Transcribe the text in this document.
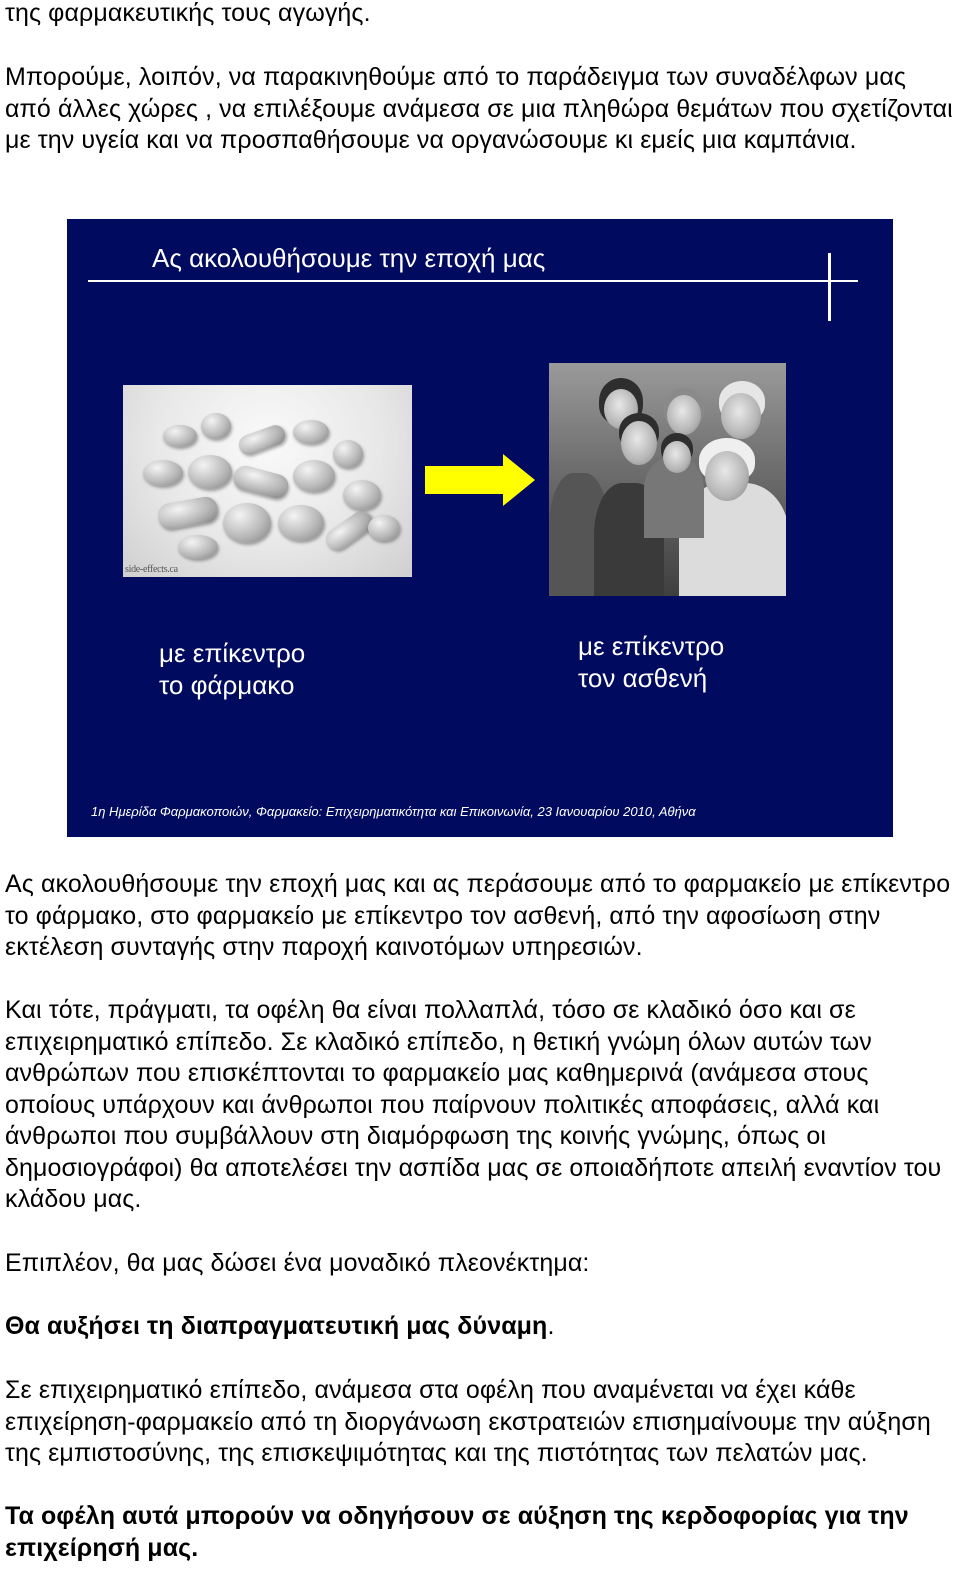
της φαρμακευτικής τους αγωγής.

Μπορούμε, λοιπόν, να παρακινηθούμε από το παράδειγμα των συναδέλφων μας από άλλες χώρες , να επιλέξουμε ανάμεσα σε μια πληθώρα θεμάτων που σχετίζονται με την υγεία και να προσπαθήσουμε να οργανώσουμε κι εμείς μια καμπάνια.

Ας ακολουθήσουμε την εποχή μας
side-effects.ca
με επίκεντρο
το φάρμακο
με επίκεντρο
τον ασθενή
1η Ημερίδα Φαρμακοποιών, Φαρμακείο: Επιχειρηματικότητα και Επικοινωνία, 23 Ιανουαρίου 2010, Αθήνα

Ας ακολουθήσουμε την εποχή μας και ας περάσουμε από το φαρμακείο με επίκεντρο το φάρμακο, στο φαρμακείο με επίκεντρο τον ασθενή, από την αφοσίωση στην εκτέλεση συνταγής στην παροχή καινοτόμων υπηρεσιών.

Και τότε, πράγματι, τα οφέλη θα είναι πολλαπλά, τόσο σε κλαδικό όσο και σε επιχειρηματικό επίπεδο. Σε κλαδικό επίπεδο, η θετική γνώμη όλων αυτών των ανθρώπων που επισκέπτονται το φαρμακείο μας καθημερινά (ανάμεσα στους οποίους υπάρχουν και άνθρωποι που παίρνουν πολιτικές αποφάσεις, αλλά και άνθρωποι που συμβάλλουν στη διαμόρφωση της κοινής γνώμης, όπως οι δημοσιογράφοι) θα αποτελέσει την ασπίδα μας σε οποιαδήποτε απειλή εναντίον του κλάδου μας.

Επιπλέον, θα μας δώσει ένα μοναδικό πλεονέκτημα:

Θα αυξήσει τη διαπραγματευτική μας δύναμη.

Σε επιχειρηματικό επίπεδο, ανάμεσα στα οφέλη που αναμένεται να έχει κάθε επιχείρηση-φαρμακείο από τη διοργάνωση εκστρατειών επισημαίνουμε την αύξηση της εμπιστοσύνης, της επισκεψιμότητας και της πιστότητας των πελατών μας.

Τα οφέλη αυτά μπορούν να οδηγήσουν σε αύξηση της κερδοφορίας για την επιχείρησή μας.
